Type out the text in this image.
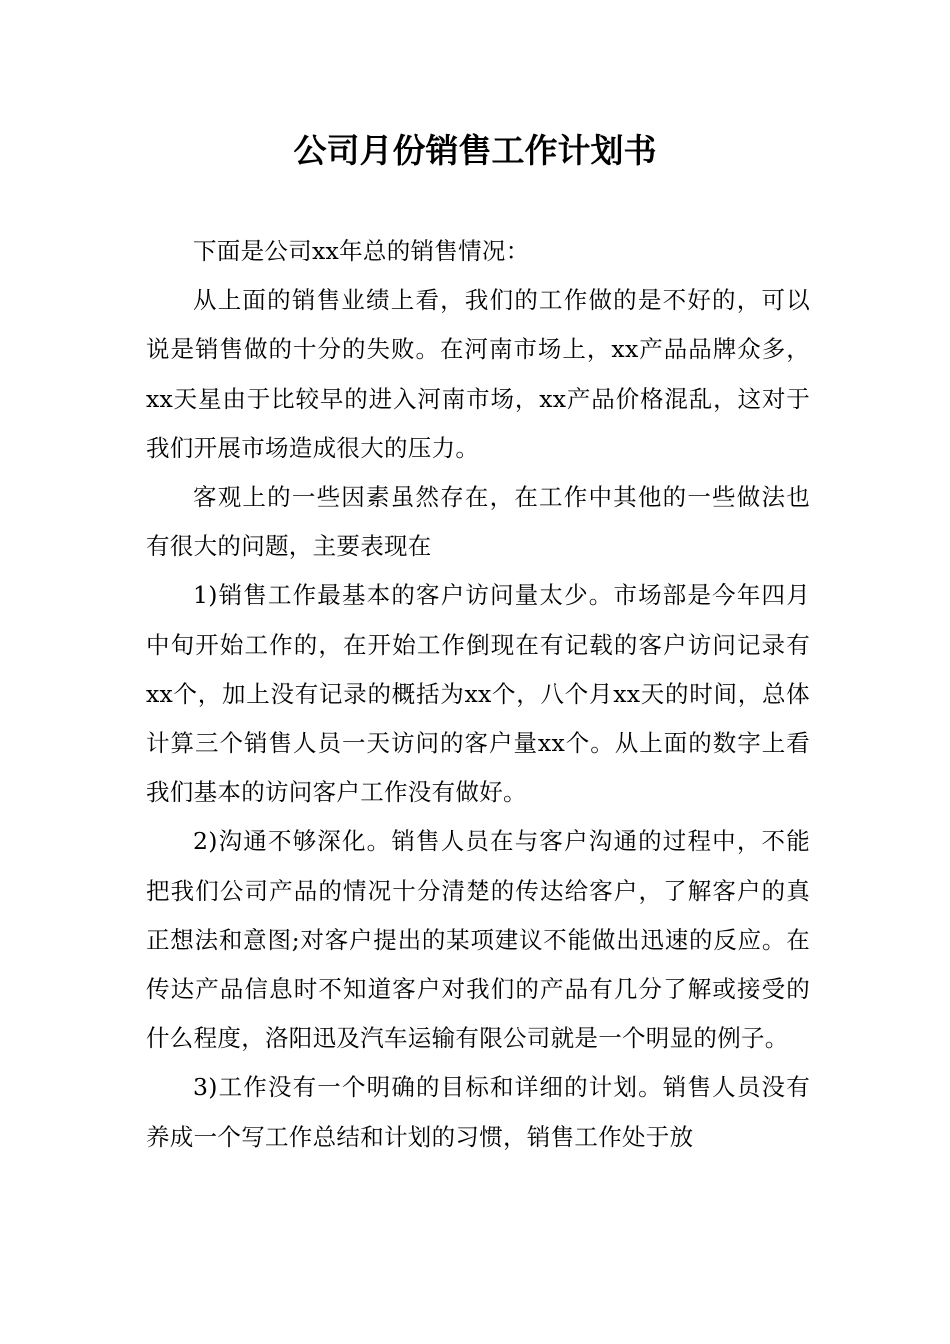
公司月份销售工作计划书

下面是公司xx年总的销售情况：

从上面的销售业绩上看，我们的工作做的是不好的，可以说是销售做的十分的失败。在河南市场上，xx产品品牌众多，xx天星由于比较早的进入河南市场，xx产品价格混乱，这对于我们开展市场造成很大的压力。

客观上的一些因素虽然存在，在工作中其他的一些做法也有很大的问题，主要表现在

1)销售工作最基本的客户访问量太少。市场部是今年四月中旬开始工作的，在开始工作倒现在有记载的客户访问记录有xx个，加上没有记录的概括为xx个，八个月xx天的时间，总体计算三个销售人员一天访问的客户量xx个。从上面的数字上看我们基本的访问客户工作没有做好。

2)沟通不够深化。销售人员在与客户沟通的过程中，不能把我们公司产品的情况十分清楚的传达给客户，了解客户的真正想法和意图;对客户提出的某项建议不能做出迅速的反应。在传达产品信息时不知道客户对我们的产品有几分了解或接受的什么程度，洛阳迅及汽车运输有限公司就是一个明显的例子。

3)工作没有一个明确的目标和详细的计划。销售人员没有养成一个写工作总结和计划的习惯，销售工作处于放
